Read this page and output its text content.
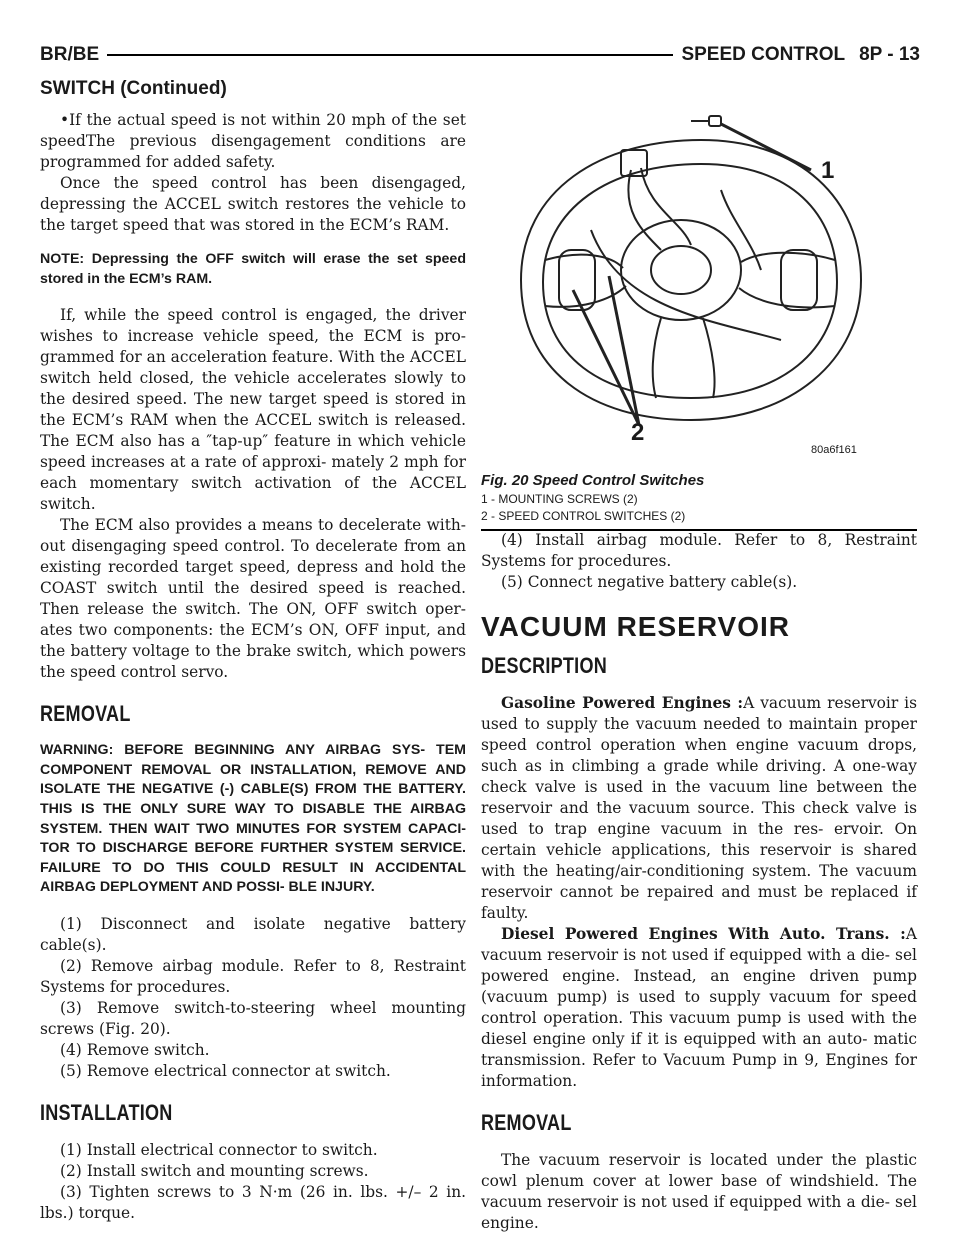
BR/BE	SPEED CONTROL 8P - 13
SWITCH (Continued)

•If the actual speed is not within 20 mph of the set speedThe previous disengagement conditions are programmed for added safety.

Once the speed control has been disengaged, depressing the ACCEL switch restores the vehicle to the target speed that was stored in the ECM’s RAM.

NOTE: Depressing the OFF switch will erase the set speed stored in the ECM’s RAM.

If, while the speed control is engaged, the driver wishes to increase vehicle speed, the ECM is pro- grammed for an acceleration feature. With the ACCEL switch held closed, the vehicle accelerates slowly to the desired speed. The new target speed is stored in the ECM’s RAM when the ACCEL switch is released. The ECM also has a ″tap-up″ feature in which vehicle speed increases at a rate of approxi- mately 2 mph for each momentary switch activation of the ACCEL switch.

The ECM also provides a means to decelerate with- out disengaging speed control. To decelerate from an existing recorded target speed, depress and hold the COAST switch until the desired speed is reached. Then release the switch. The ON, OFF switch oper- ates two components: the ECM’s ON, OFF input, and the battery voltage to the brake switch, which powers the speed control servo.

REMOVAL

WARNING: BEFORE BEGINNING ANY AIRBAG SYS- TEM COMPONENT REMOVAL OR INSTALLATION, REMOVE AND ISOLATE THE NEGATIVE (-) CABLE(S) FROM THE BATTERY. THIS IS THE ONLY SURE WAY TO DISABLE THE AIRBAG SYSTEM. THEN WAIT TWO MINUTES FOR SYSTEM CAPACI- TOR TO DISCHARGE BEFORE FURTHER SYSTEM SERVICE. FAILURE TO DO THIS COULD RESULT IN ACCIDENTAL AIRBAG DEPLOYMENT AND POSSI- BLE INJURY.

(1) Disconnect and isolate negative battery cable(s).

(2) Remove airbag module. Refer to 8, Restraint Systems for procedures.

(3) Remove switch-to-steering wheel mounting screws (Fig. 20).

(4) Remove switch.

(5) Remove electrical connector at switch.

INSTALLATION

(1) Install electrical connector to switch.

(2) Install switch and mounting screws.

(3) Tighten screws to 3 N·m (26 in. lbs. +/– 2 in. lbs.) torque.

1
2
80a6f161
Fig. 20 Speed Control Switches
1 - MOUNTING SCREWS (2)
2 - SPEED CONTROL SWITCHES (2)

(4) Install airbag module. Refer to 8, Restraint Systems for procedures.

(5) Connect negative battery cable(s).

VACUUM RESERVOIR
DESCRIPTION

Gasoline Powered Engines :A vacuum reservoir is used to supply the vacuum needed to maintain proper speed control operation when engine vacuum drops, such as in climbing a grade while driving. A one-way check valve is used in the vacuum line between the reservoir and the vacuum source. This check valve is used to trap engine vacuum in the res- ervoir. On certain vehicle applications, this reservoir is shared with the heating/air-conditioning system. The vacuum reservoir cannot be repaired and must be replaced if faulty.

Diesel Powered Engines With Auto. Trans. :A vacuum reservoir is not used if equipped with a die- sel powered engine. Instead, an engine driven pump (vacuum pump) is used to supply vacuum for speed control operation. This vacuum pump is used with the diesel engine only if it is equipped with an auto- matic transmission. Refer to Vacuum Pump in 9, Engines for information.

REMOVAL

The vacuum reservoir is located under the plastic cowl plenum cover at lower base of windshield. The vacuum reservoir is not used if equipped with a die- sel engine.
